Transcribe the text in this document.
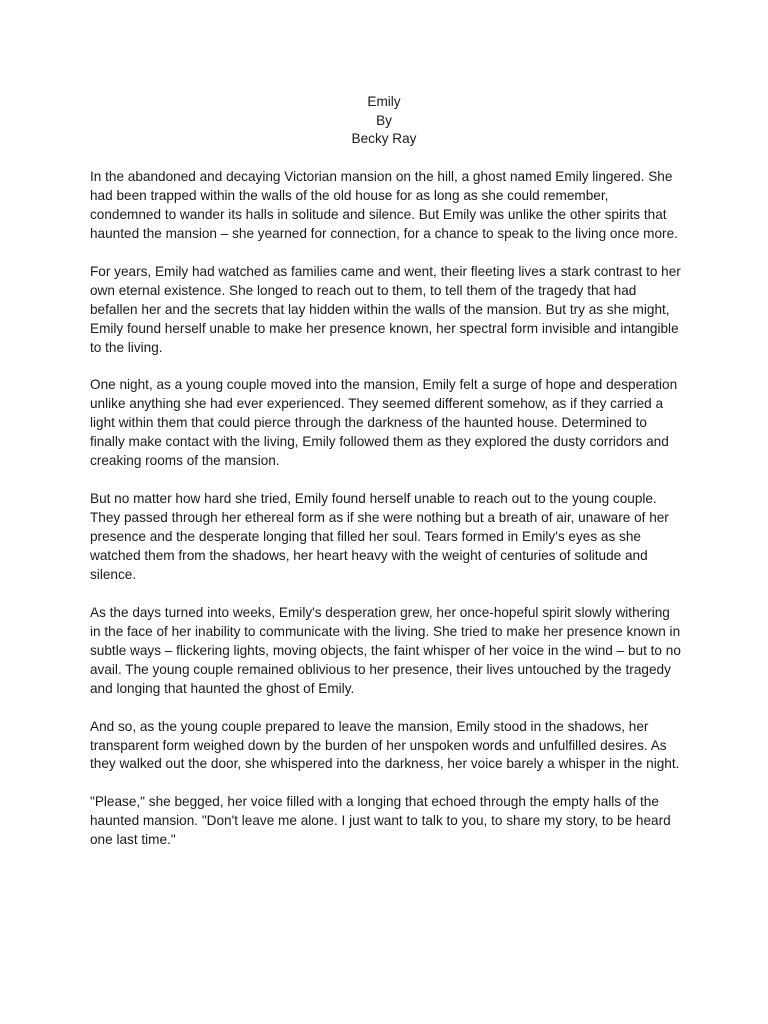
Emily
By
Becky Ray

In the abandoned and decaying Victorian mansion on the hill, a ghost named Emily lingered. She had been trapped within the walls of the old house for as long as she could remember, condemned to wander its halls in solitude and silence. But Emily was unlike the other spirits that haunted the mansion – she yearned for connection, for a chance to speak to the living once more.

For years, Emily had watched as families came and went, their fleeting lives a stark contrast to her own eternal existence. She longed to reach out to them, to tell them of the tragedy that had befallen her and the secrets that lay hidden within the walls of the mansion. But try as she might, Emily found herself unable to make her presence known, her spectral form invisible and intangible to the living.

One night, as a young couple moved into the mansion, Emily felt a surge of hope and desperation unlike anything she had ever experienced. They seemed different somehow, as if they carried a light within them that could pierce through the darkness of the haunted house. Determined to finally make contact with the living, Emily followed them as they explored the dusty corridors and creaking rooms of the mansion.

But no matter how hard she tried, Emily found herself unable to reach out to the young couple. They passed through her ethereal form as if she were nothing but a breath of air, unaware of her presence and the desperate longing that filled her soul. Tears formed in Emily's eyes as she watched them from the shadows, her heart heavy with the weight of centuries of solitude and silence.

As the days turned into weeks, Emily's desperation grew, her once-hopeful spirit slowly withering in the face of her inability to communicate with the living. She tried to make her presence known in subtle ways – flickering lights, moving objects, the faint whisper of her voice in the wind – but to no avail. The young couple remained oblivious to her presence, their lives untouched by the tragedy and longing that haunted the ghost of Emily.

And so, as the young couple prepared to leave the mansion, Emily stood in the shadows, her transparent form weighed down by the burden of her unspoken words and unfulfilled desires. As they walked out the door, she whispered into the darkness, her voice barely a whisper in the night.

"Please," she begged, her voice filled with a longing that echoed through the empty halls of the haunted mansion. "Don't leave me alone. I just want to talk to you, to share my story, to be heard one last time."
